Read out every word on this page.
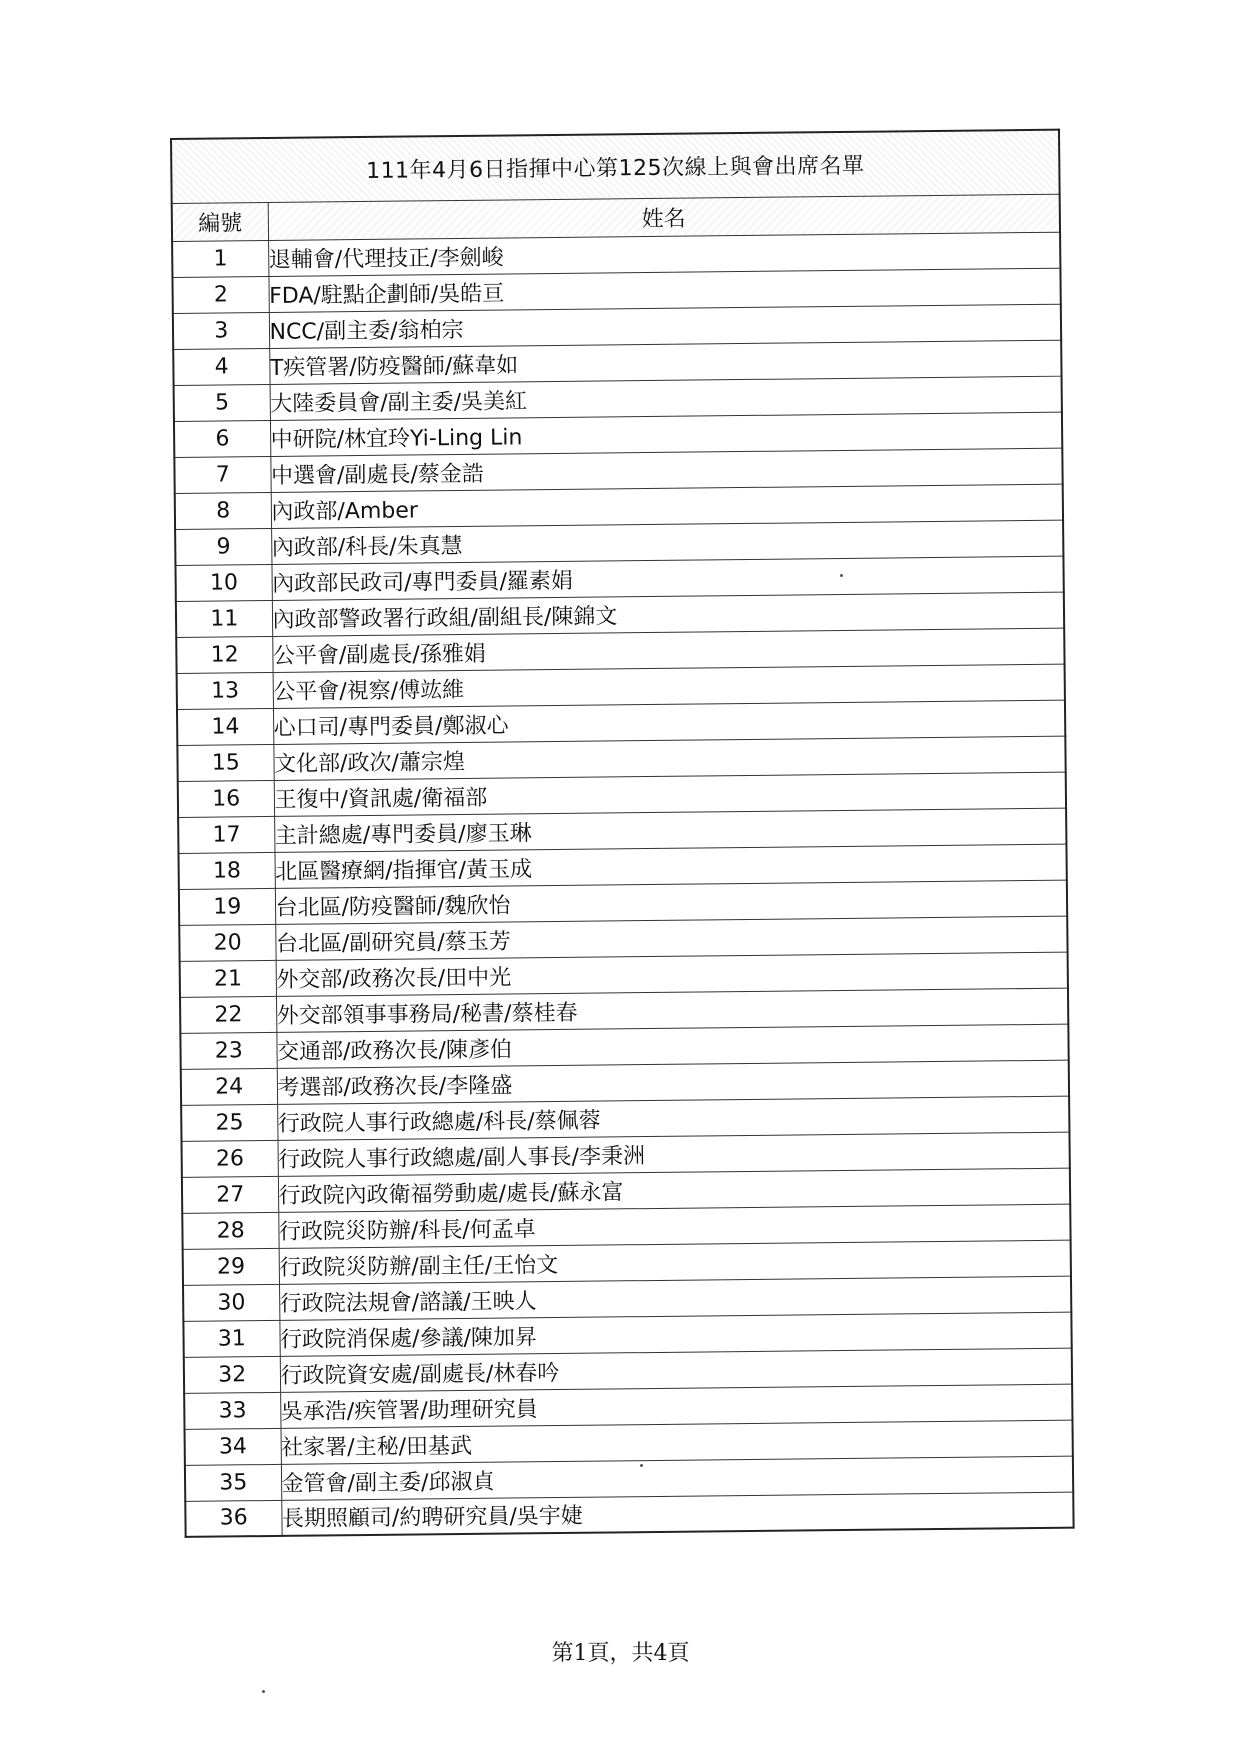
111年4月6日指揮中心第125次線上與會出席名單	
編號	姓名
1	退輔會/代理技正/李劍峻
2	FDA/駐點企劃師/吳皓亘
3	NCC/副主委/翁柏宗
4	T疾管署/防疫醫師/蘇韋如
5	大陸委員會/副主委/吳美紅
6	中研院/林宜玲Yi-Ling Lin
7	中選會/副處長/蔡金誥
8	內政部/Amber
9	內政部/科長/朱真慧
10	內政部民政司/專門委員/羅素娟
11	內政部警政署行政組/副組長/陳錦文
12	公平會/副處長/孫雅娟
13	公平會/視察/傅竑維
14	心口司/專門委員/鄭淑心
15	文化部/政次/蕭宗煌
16	王復中/資訊處/衛福部
17	主計總處/專門委員/廖玉琳
18	北區醫療網/指揮官/黃玉成
19	台北區/防疫醫師/魏欣怡
20	台北區/副研究員/蔡玉芳
21	外交部/政務次長/田中光
22	外交部領事事務局/秘書/蔡桂春
23	交通部/政務次長/陳彥伯
24	考選部/政務次長/李隆盛
25	行政院人事行政總處/科長/蔡佩蓉
26	行政院人事行政總處/副人事長/李秉洲
27	行政院內政衛福勞動處/處長/蘇永富
28	行政院災防辦/科長/何孟卓
29	行政院災防辦/副主任/王怡文
30	行政院法規會/諮議/王映人
31	行政院消保處/參議/陳加昇
32	行政院資安處/副處長/林春吟
33	吳承浩/疾管署/助理研究員
34	社家署/主秘/田基武
35	金管會/副主委/邱淑貞
36	長期照顧司/約聘研究員/吳宇婕
第1頁，共4頁
